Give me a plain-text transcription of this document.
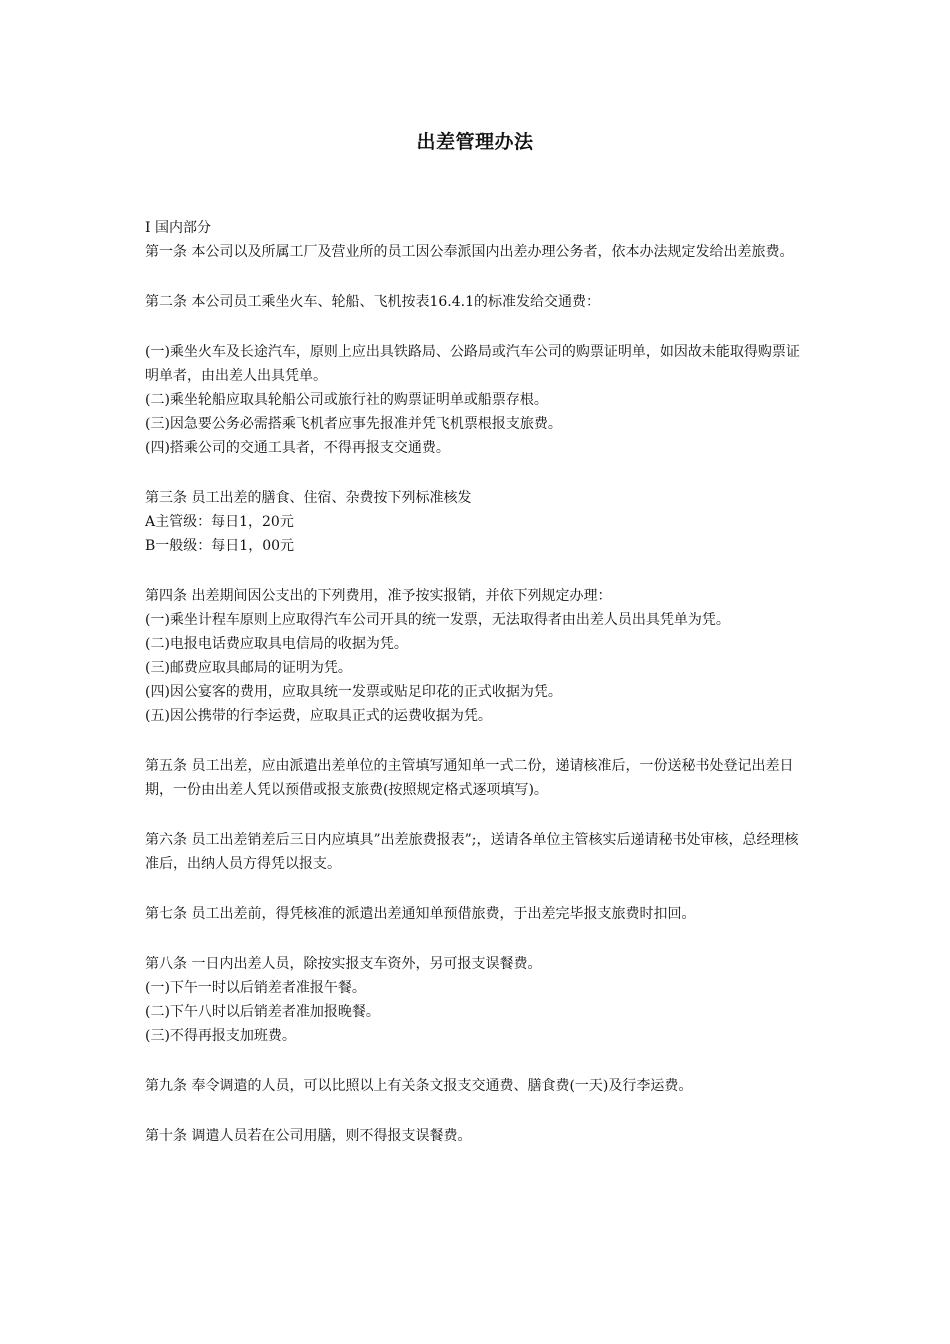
出差管理办法

Ⅰ 国内部分

第一条 本公司以及所属工厂及营业所的员工因公奉派国内出差办理公务者，依本办法规定发给出差旅费。

第二条 本公司员工乘坐火车、轮船、飞机按表16.4.1的标准发给交通费：

(一)乘坐火车及长途汽车，原则上应出具铁路局、公路局或汽车公司的购票证明单，如因故未能取得购票证明单者，由出差人出具凭单。

(二)乘坐轮船应取具轮船公司或旅行社的购票证明单或船票存根。

(三)因急要公务必需搭乘飞机者应事先报准并凭飞机票根报支旅费。

(四)搭乘公司的交通工具者，不得再报支交通费。

第三条 员工出差的膳食、住宿、杂费按下列标准核发

A主管级：每日1，20元

B一般级：每日1，00元

第四条 出差期间因公支出的下列费用，准予按实报销，并依下列规定办理：

(一)乘坐计程车原则上应取得汽车公司开具的统一发票，无法取得者由出差人员出具凭单为凭。

(二)电报电话费应取具电信局的收据为凭。

(三)邮费应取具邮局的证明为凭。

(四)因公宴客的费用，应取具统一发票或贴足印花的正式收据为凭。

(五)因公携带的行李运费，应取具正式的运费收据为凭。

第五条 员工出差，应由派遣出差单位的主管填写通知单一式二份，递请核准后，一份送秘书处登记出差日期，一份由出差人凭以预借或报支旅费(按照规定格式逐项填写)。

第六条 员工出差销差后三日内应填具”出差旅费报表”;，送请各单位主管核实后递请秘书处审核，总经理核准后，出纳人员方得凭以报支。

第七条 员工出差前，得凭核准的派遣出差通知单预借旅费，于出差完毕报支旅费时扣回。

第八条 一日内出差人员，除按实报支车资外，另可报支误餐费。

(一)下午一时以后销差者准报午餐。

(二)下午八时以后销差者准加报晚餐。

(三)不得再报支加班费。

第九条 奉令调遣的人员，可以比照以上有关条文报支交通费、膳食费(一天)及行李运费。

第十条 调遣人员若在公司用膳，则不得报支误餐费。
